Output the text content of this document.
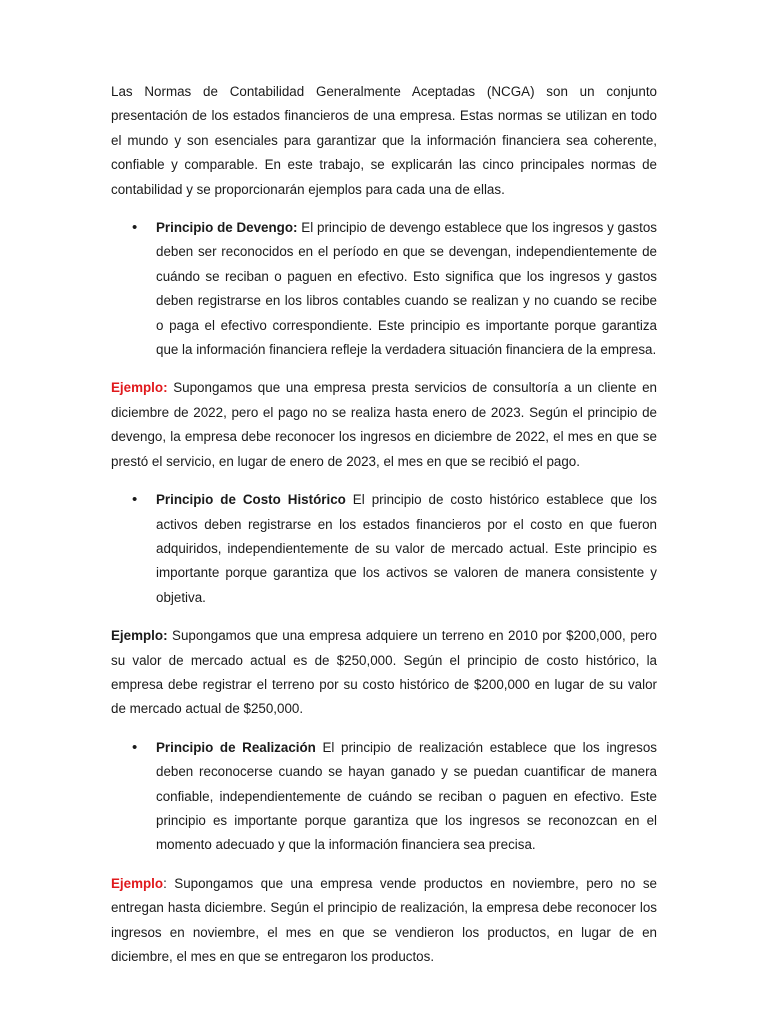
Las Normas de Contabilidad Generalmente Aceptadas (NCGA) son un conjunto presentación de los estados financieros de una empresa. Estas normas se utilizan en todo el mundo y son esenciales para garantizar que la información financiera sea coherente, confiable y comparable. En este trabajo, se explicarán las cinco principales normas de contabilidad y se proporcionarán ejemplos para cada una de ellas.

• Principio de Devengo: El principio de devengo establece que los ingresos y gastos deben ser reconocidos en el período en que se devengan, independientemente de cuándo se reciban o paguen en efectivo. Esto significa que los ingresos y gastos deben registrarse en los libros contables cuando se realizan y no cuando se recibe o paga el efectivo correspondiente. Este principio es importante porque garantiza que la información financiera refleje la verdadera situación financiera de la empresa.

Ejemplo: Supongamos que una empresa presta servicios de consultoría a un cliente en diciembre de 2022, pero el pago no se realiza hasta enero de 2023. Según el principio de devengo, la empresa debe reconocer los ingresos en diciembre de 2022, el mes en que se prestó el servicio, en lugar de enero de 2023, el mes en que se recibió el pago.

• Principio de Costo Histórico El principio de costo histórico establece que los activos deben registrarse en los estados financieros por el costo en que fueron adquiridos, independientemente de su valor de mercado actual. Este principio es importante porque garantiza que los activos se valoren de manera consistente y objetiva.

Ejemplo: Supongamos que una empresa adquiere un terreno en 2010 por $200,000, pero su valor de mercado actual es de $250,000. Según el principio de costo histórico, la empresa debe registrar el terreno por su costo histórico de $200,000 en lugar de su valor de mercado actual de $250,000.

• Principio de Realización El principio de realización establece que los ingresos deben reconocerse cuando se hayan ganado y se puedan cuantificar de manera confiable, independientemente de cuándo se reciban o paguen en efectivo. Este principio es importante porque garantiza que los ingresos se reconozcan en el momento adecuado y que la información financiera sea precisa.

Ejemplo: Supongamos que una empresa vende productos en noviembre, pero no se entregan hasta diciembre. Según el principio de realización, la empresa debe reconocer los ingresos en noviembre, el mes en que se vendieron los productos, en lugar de en diciembre, el mes en que se entregaron los productos.
